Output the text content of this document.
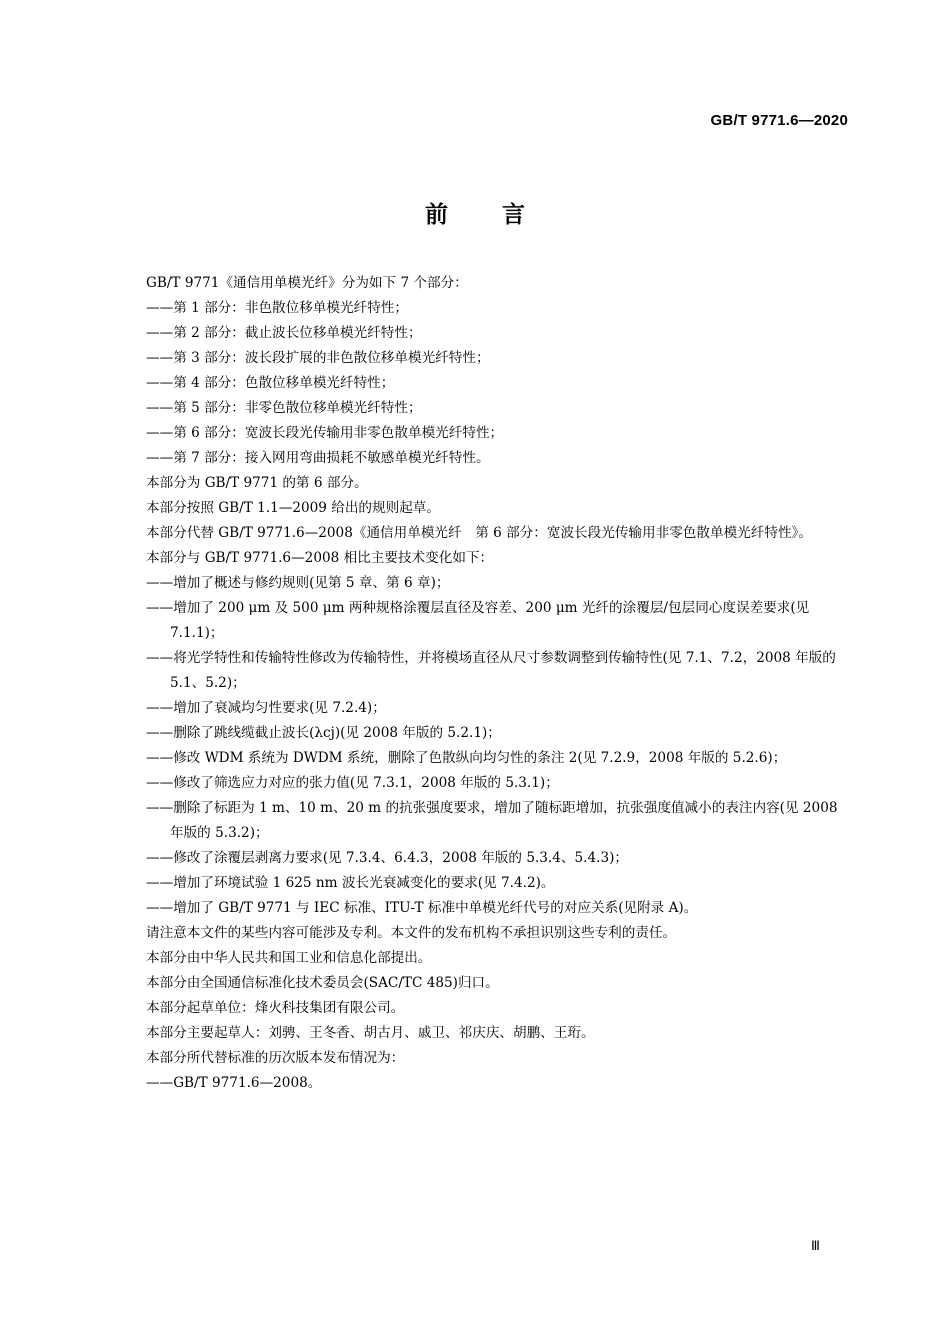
GB/T 9771.6—2020
前 言

GB/T 9771《通信用单模光纤》分为如下 7 个部分：

——第 1 部分：非色散位移单模光纤特性；

——第 2 部分：截止波长位移单模光纤特性；

——第 3 部分：波长段扩展的非色散位移单模光纤特性；

——第 4 部分：色散位移单模光纤特性；

——第 5 部分：非零色散位移单模光纤特性；

——第 6 部分：宽波长段光传输用非零色散单模光纤特性；

——第 7 部分：接入网用弯曲损耗不敏感单模光纤特性。

本部分为 GB/T 9771 的第 6 部分。

本部分按照 GB/T 1.1—2009 给出的规则起草。

本部分代替 GB/T 9771.6—2008《通信用单模光纤　第 6 部分：宽波长段光传输用非零色散单模光纤特性》。

本部分与 GB/T 9771.6—2008 相比主要技术变化如下：

——增加了概述与修约规则(见第 5 章、第 6 章)；

——增加了 200 μm 及 500 μm 两种规格涂覆层直径及容差、200 μm 光纤的涂覆层/包层同心度误差要求(见 7.1.1)；

——将光学特性和传输特性修改为传输特性，并将模场直径从尺寸参数调整到传输特性(见 7.1、7.2，2008 年版的 5.1、5.2)；

——增加了衰减均匀性要求(见 7.2.4)；

——删除了跳线缆截止波长(λcj)(见 2008 年版的 5.2.1)；

——修改 WDM 系统为 DWDM 系统，删除了色散纵向均匀性的条注 2(见 7.2.9，2008 年版的 5.2.6)；

——修改了筛选应力对应的张力值(见 7.3.1，2008 年版的 5.3.1)；

——删除了标距为 1 m、10 m、20 m 的抗张强度要求，增加了随标距增加，抗张强度值减小的表注内容(见 2008 年版的 5.3.2)；

——修改了涂覆层剥离力要求(见 7.3.4、6.4.3，2008 年版的 5.3.4、5.4.3)；

——增加了环境试验 1 625 nm 波长光衰减变化的要求(见 7.4.2)。

——增加了 GB/T 9771 与 IEC 标准、ITU-T 标准中单模光纤代号的对应关系(见附录 A)。

请注意本文件的某些内容可能涉及专利。本文件的发布机构不承担识别这些专利的责任。

本部分由中华人民共和国工业和信息化部提出。

本部分由全国通信标准化技术委员会(SAC/TC 485)归口。

本部分起草单位：烽火科技集团有限公司。

本部分主要起草人：刘骋、王冬香、胡古月、戚卫、祁庆庆、胡鹏、王珩。

本部分所代替标准的历次版本发布情况为：

——GB/T 9771.6—2008。

Ⅲ
